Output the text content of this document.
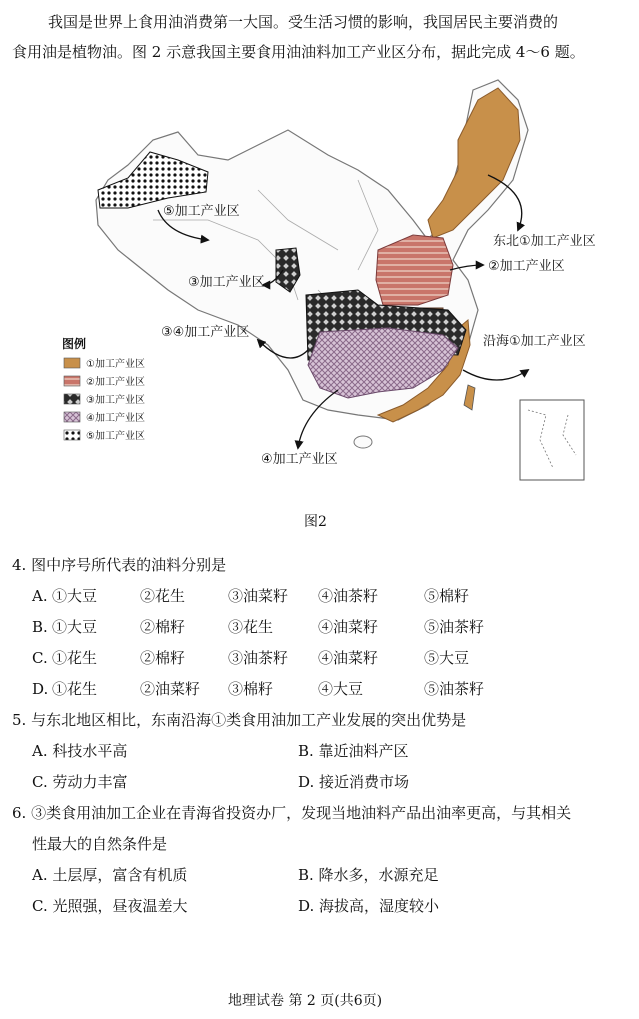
我国是世界上食用油消费第一大国。受生活习惯的影响，我国居民主要消费的
食用油是植物油。图 2 示意我国主要食用油油料加工产业区分布，据此完成 4～6 题。
⑤加工产业区
东北①加工产业区
②加工产业区
③加工产业区
③④加工产业区
沿海①加工产业区
④加工产业区
图例
①加工产业区
②加工产业区
③加工产业区
④加工产业区
⑤加工产业区
图2
4. 图中序号所代表的油料分别是
A. ①大豆	②花生	③油菜籽 ④油茶籽	⑤棉籽
B. ①大豆	②棉籽	③花生	④油菜籽	⑤油茶籽
C. ①花生	②棉籽	③油茶籽 ④油菜籽	⑤大豆
D. ①花生	②油菜籽 ③棉籽	④大豆	⑤油茶籽
5. 与东北地区相比，东南沿海①类食用油加工产业发展的突出优势是
A. 科技水平高	B. 靠近油料产区
C. 劳动力丰富	D. 接近消费市场
6. ③类食用油加工企业在青海省投资办厂，发现当地油料产品出油率更高，与其相关
性最大的自然条件是
A. 土层厚，富含有机质	B. 降水多，水源充足
C. 光照强，昼夜温差大	D. 海拔高，湿度较小
地理试卷 第 2 页(共6页)
